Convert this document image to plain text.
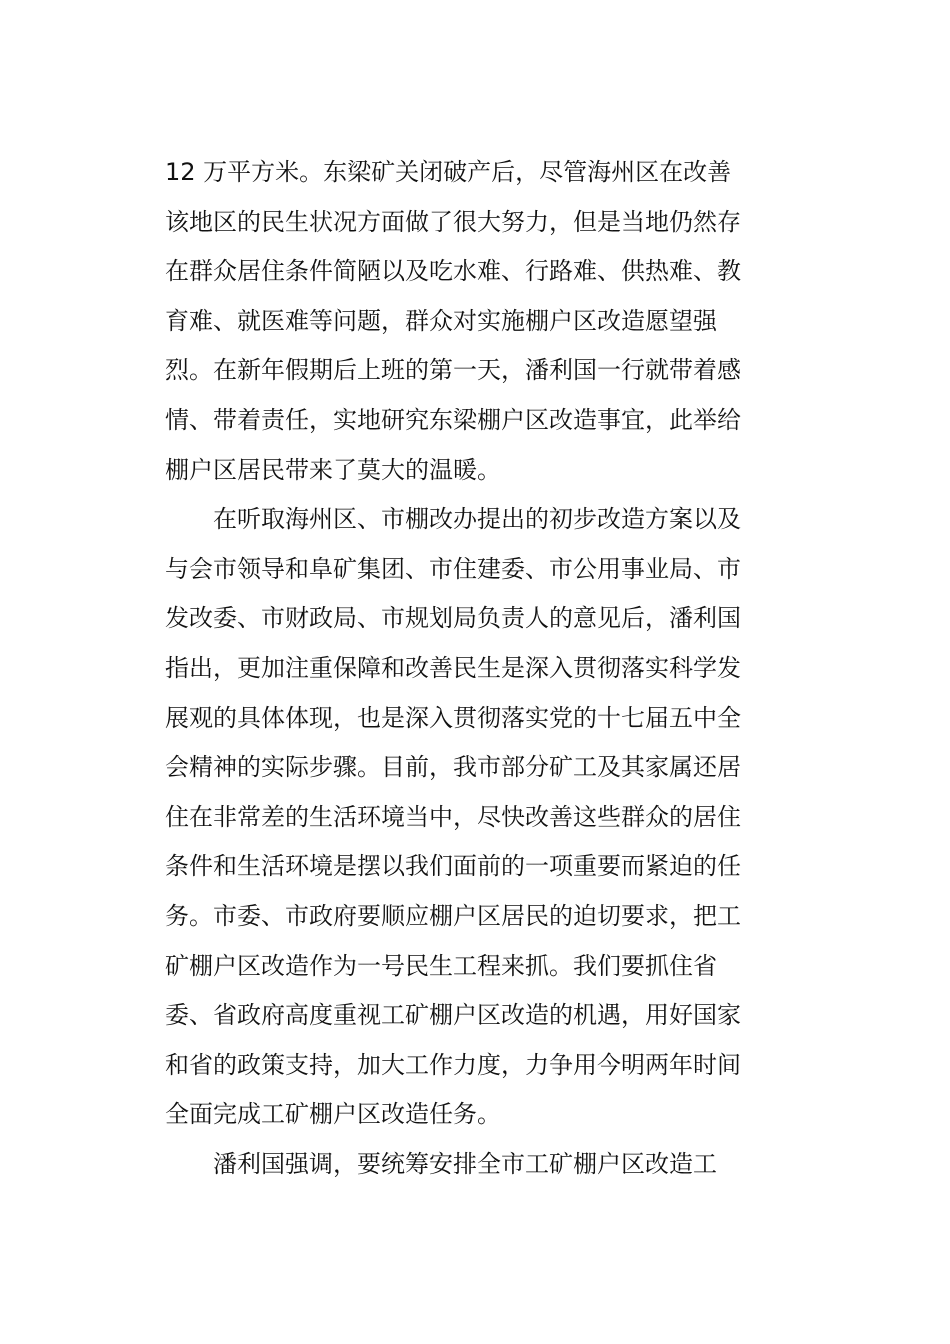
12 万平方米。东梁矿关闭破产后，尽管海州区在改善
该地区的民生状况方面做了很大努力，但是当地仍然存
在群众居住条件简陋以及吃水难、行路难、供热难、教
育难、就医难等问题，群众对实施棚户区改造愿望强
烈。在新年假期后上班的第一天，潘利国一行就带着感
情、带着责任，实地研究东梁棚户区改造事宜，此举给
棚户区居民带来了莫大的温暖。
在听取海州区、市棚改办提出的初步改造方案以及
与会市领导和阜矿集团、市住建委、市公用事业局、市
发改委、市财政局、市规划局负责人的意见后，潘利国
指出，更加注重保障和改善民生是深入贯彻落实科学发
展观的具体体现，也是深入贯彻落实党的十七届五中全
会精神的实际步骤。目前，我市部分矿工及其家属还居
住在非常差的生活环境当中，尽快改善这些群众的居住
条件和生活环境是摆以我们面前的一项重要而紧迫的任
务。市委、市政府要顺应棚户区居民的迫切要求，把工
矿棚户区改造作为一号民生工程来抓。我们要抓住省
委、省政府高度重视工矿棚户区改造的机遇，用好国家
和省的政策支持，加大工作力度，力争用今明两年时间
全面完成工矿棚户区改造任务。
潘利国强调，要统筹安排全市工矿棚户区改造工
